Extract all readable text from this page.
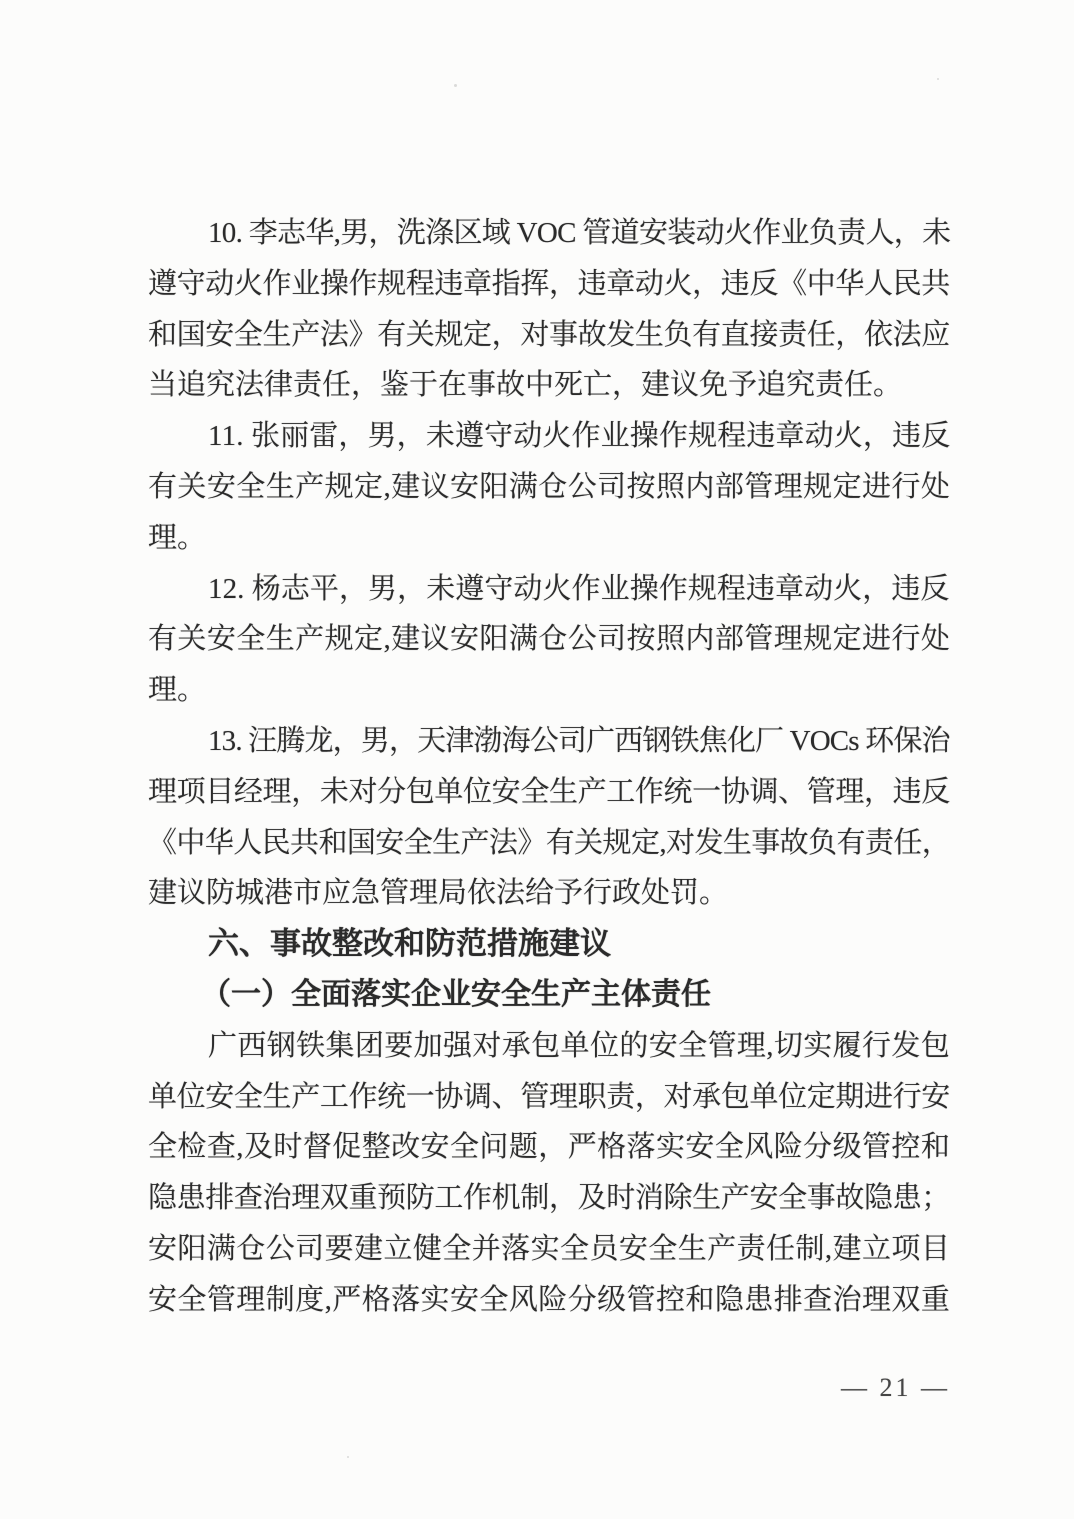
10. 李志华,男，洗涤区域 VOC 管道安装动火作业负责人，未
遵守动火作业操作规程违章指挥，违章动火，违反《中华人民共
和国安全生产法》有关规定，对事故发生负有直接责任，依法应
当追究法律责任，鉴于在事故中死亡，建议免予追究责任。
11. 张丽雷，男，未遵守动火作业操作规程违章动火，违反
有关安全生产规定,建议安阳满仓公司按照内部管理规定进行处
理。
12. 杨志平，男，未遵守动火作业操作规程违章动火，违反
有关安全生产规定,建议安阳满仓公司按照内部管理规定进行处
理。
13. 汪腾龙，男，天津渤海公司广西钢铁焦化厂 VOCs 环保治
理项目经理，未对分包单位安全生产工作统一协调、管理，违反
《中华人民共和国安全生产法》有关规定,对发生事故负有责任，
建议防城港市应急管理局依法给予行政处罚。
六、事故整改和防范措施建议
（一）全面落实企业安全生产主体责任
广西钢铁集团要加强对承包单位的安全管理,切实履行发包
单位安全生产工作统一协调、管理职责，对承包单位定期进行安
全检查,及时督促整改安全问题，严格落实安全风险分级管控和
隐患排查治理双重预防工作机制，及时消除生产安全事故隐患；
安阳满仓公司要建立健全并落实全员安全生产责任制,建立项目
安全管理制度,严格落实安全风险分级管控和隐患排查治理双重
— 21 —
